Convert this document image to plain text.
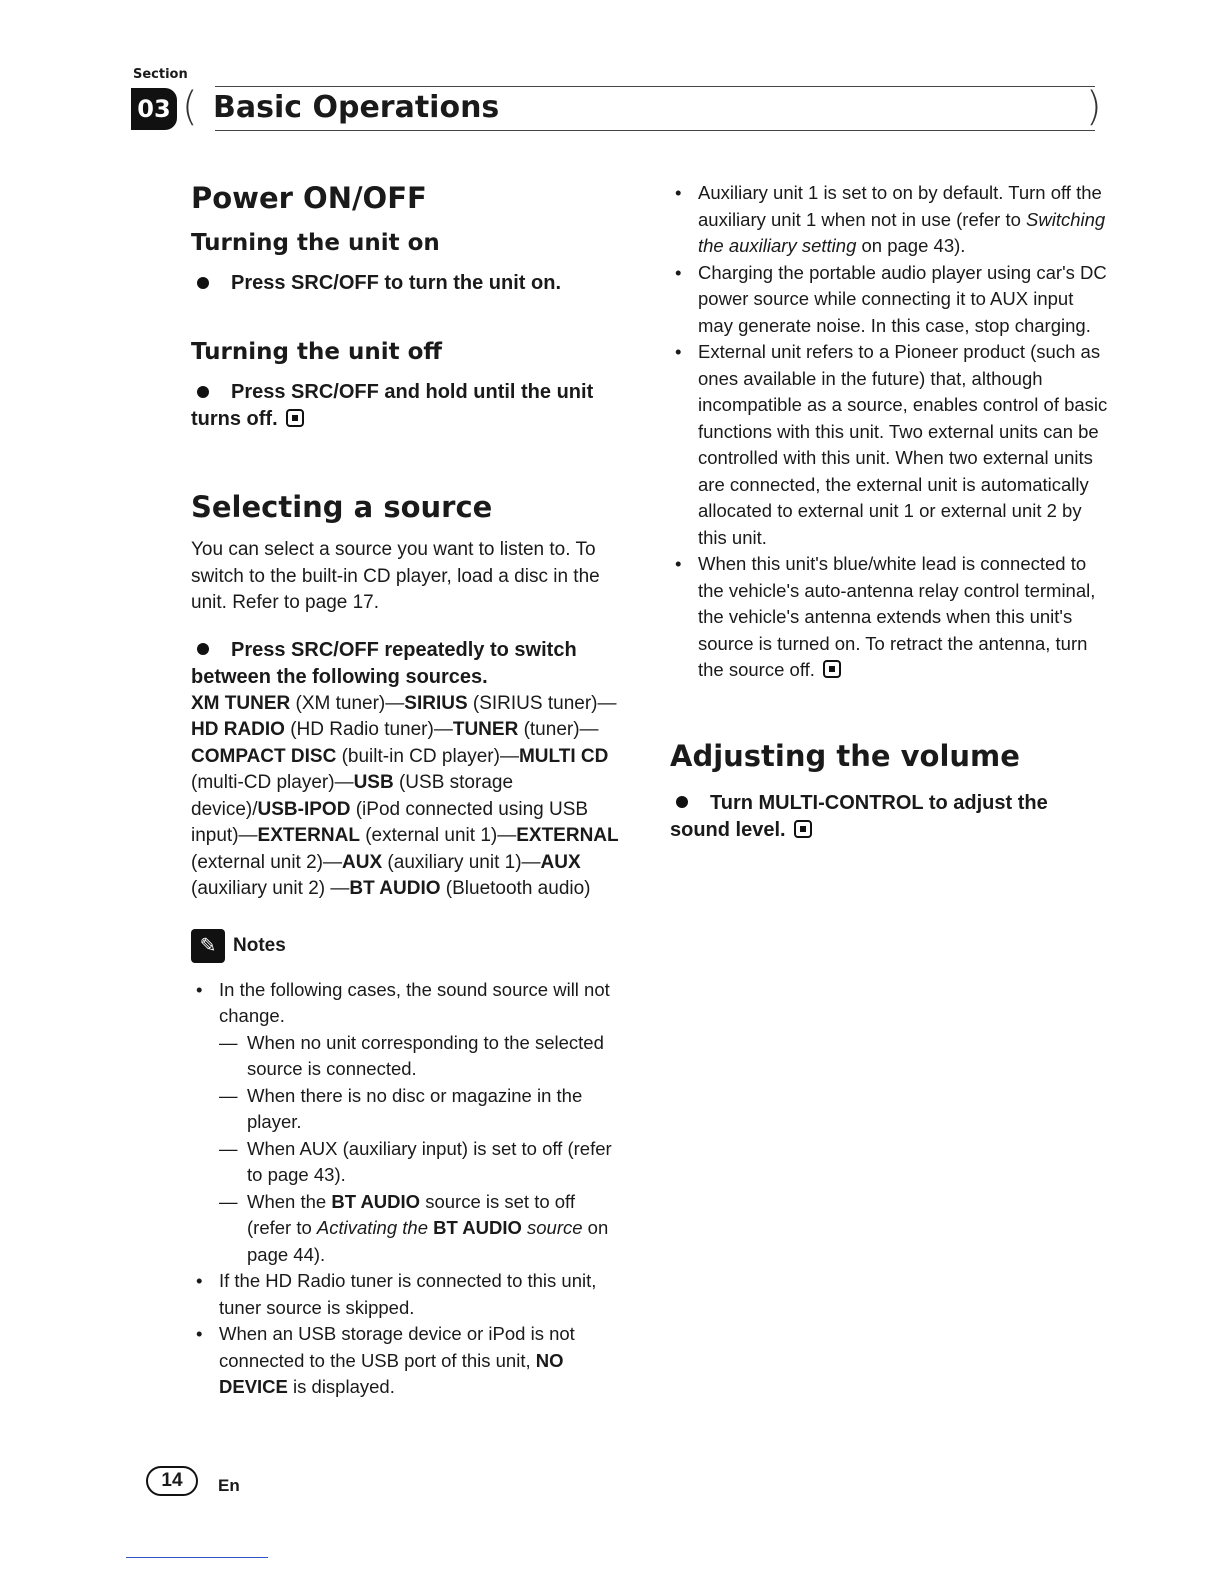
Section
03 (	)
Basic Operations
Power ON/OFF
Turning the unit on
Press SRC/OFF to turn the unit on.
Turning the unit off
Press SRC/OFF and hold until the unit turns off.
Selecting a source

You can select a source you want to listen to. To switch to the built-in CD player, load a disc in the unit. Refer to page 17.

Press SRC/OFF repeatedly to switch between the following sources.

XM TUNER (XM tuner)—SIRIUS (SIRIUS tuner)—HD RADIO (HD Radio tuner)—TUNER (tuner)—COMPACT DISC (built-in CD player)—MULTI CD (multi-CD player)—USB (USB storage device)/USB-IPOD (iPod connected using USB input)—EXTERNAL (external unit 1)—EXTERNAL (external unit 2)—AUX (auxiliary unit 1)—AUX (auxiliary unit 2) —BT AUDIO (Bluetooth audio)

✎ Notes
• In the following cases, the sound source will not change.
— When no unit corresponding to the selected source is connected.
— When there is no disc or magazine in the player.
— When AUX (auxiliary input) is set to off (refer to page 43).
— When the BT AUDIO source is set to off (refer to Activating the BT AUDIO source on page 44).
• If the HD Radio tuner is connected to this unit, tuner source is skipped.
• When an USB storage device or iPod is not connected to the USB port of this unit, NO DEVICE is displayed.
• Auxiliary unit 1 is set to on by default. Turn off the auxiliary unit 1 when not in use (refer to Switching the auxiliary setting on page 43).
• Charging the portable audio player using car's DC power source while connecting it to AUX input may generate noise. In this case, stop charging.
• External unit refers to a Pioneer product (such as ones available in the future) that, although incompatible as a source, enables control of basic functions with this unit. Two external units can be controlled with this unit. When two external units are connected, the external unit is automatically allocated to external unit 1 or external unit 2 by this unit.
• When this unit's blue/white lead is connected to the vehicle's auto-antenna relay control terminal, the vehicle's antenna extends when this unit's source is turned on. To retract the antenna, turn the source off.
Adjusting the volume
Turn MULTI-CONTROL to adjust the sound level.
14	En
